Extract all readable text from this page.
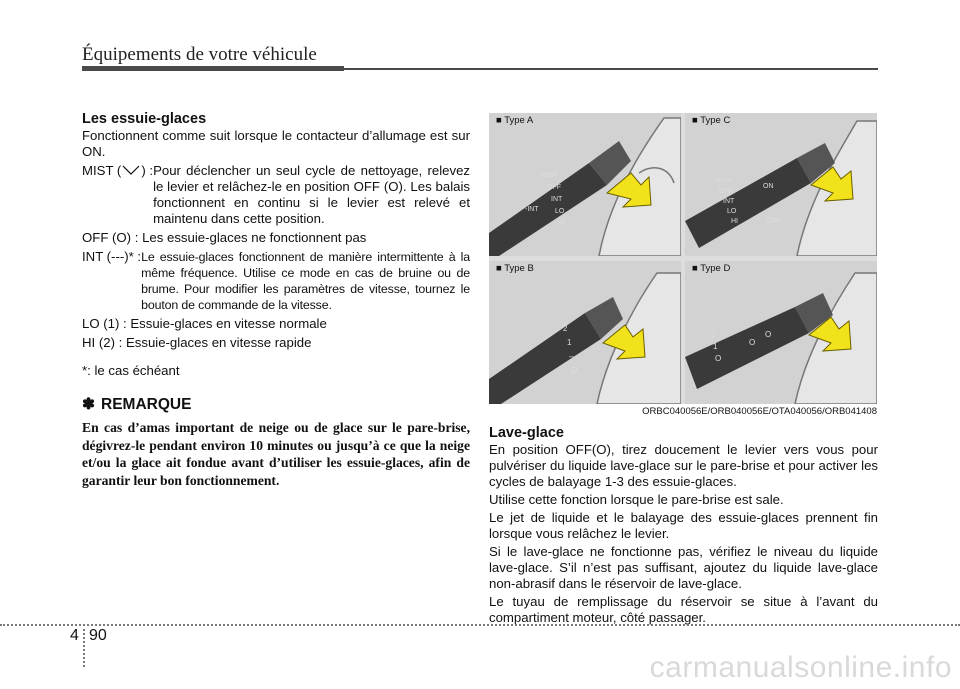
Équipements de votre véhicule
Les essuie-glaces

Fonctionnent comme suit lorsque le contacteur d’allumage est sur ON.

MIST ( ) : Pour déclencher un seul cycle de nettoyage, relevez le levier et relâchez-le en position OFF (O). Les balais fonctionnent en continu si le levier est relevé et maintenu dans cette position.
OFF (O) : Les essuie-glaces ne fonctionnent pas
INT (---)* : Le essuie-glaces fonctionnent de manière intermittente à la même fréquence. Utilise ce mode en cas de bruine ou de brume. Pour modifier les paramètres de vitesse, tournez le bouton de commande de la vitesse.
LO (1) : Essuie-glaces en vitesse normale
HI (2) : Essuie-glaces en vitesse rapide
*: le cas échéant
✽ REMARQUE
En cas d’amas important de neige ou de glace sur le pare-brise, dégivrez-le pendant environ 10 minutes ou jusqu’à ce que la neige et/ou la glace ait fondue avant d’utiliser les essuie-glaces, afin de garantir leur bon fonctionnement.
MIST
OFF
INT
LO
HI
-INT
■ Type A
MIST
OFF
INT
LO
HI
ON
OFF
■ Type C
2
1
—
O
■ Type B
2
1
O
O
O
■ Type D
ORBC040056E/ORB040056E/OTA040056/ORB041408
Lave-glace

En position OFF(O), tirez doucement le levier vers vous pour pulvériser du liquide lave-glace sur le pare-brise et pour activer les cycles de balayage 1-3 des essuie-glaces.

Utilise cette fonction lorsque le pare-brise est sale.

Le jet de liquide et le balayage des essuie-glaces prennent fin lorsque vous relâchez le levier.

Si le lave-glace ne fonctionne pas, vérifiez le niveau du liquide lave-glace. S’il n’est pas suffisant, ajoutez du liquide lave-glace non-abrasif dans le réservoir de lave-glace.

Le tuyau de remplissage du réservoir se situe à l’avant du compartiment moteur, côté passager.

4 90
carmanualsonline.info
